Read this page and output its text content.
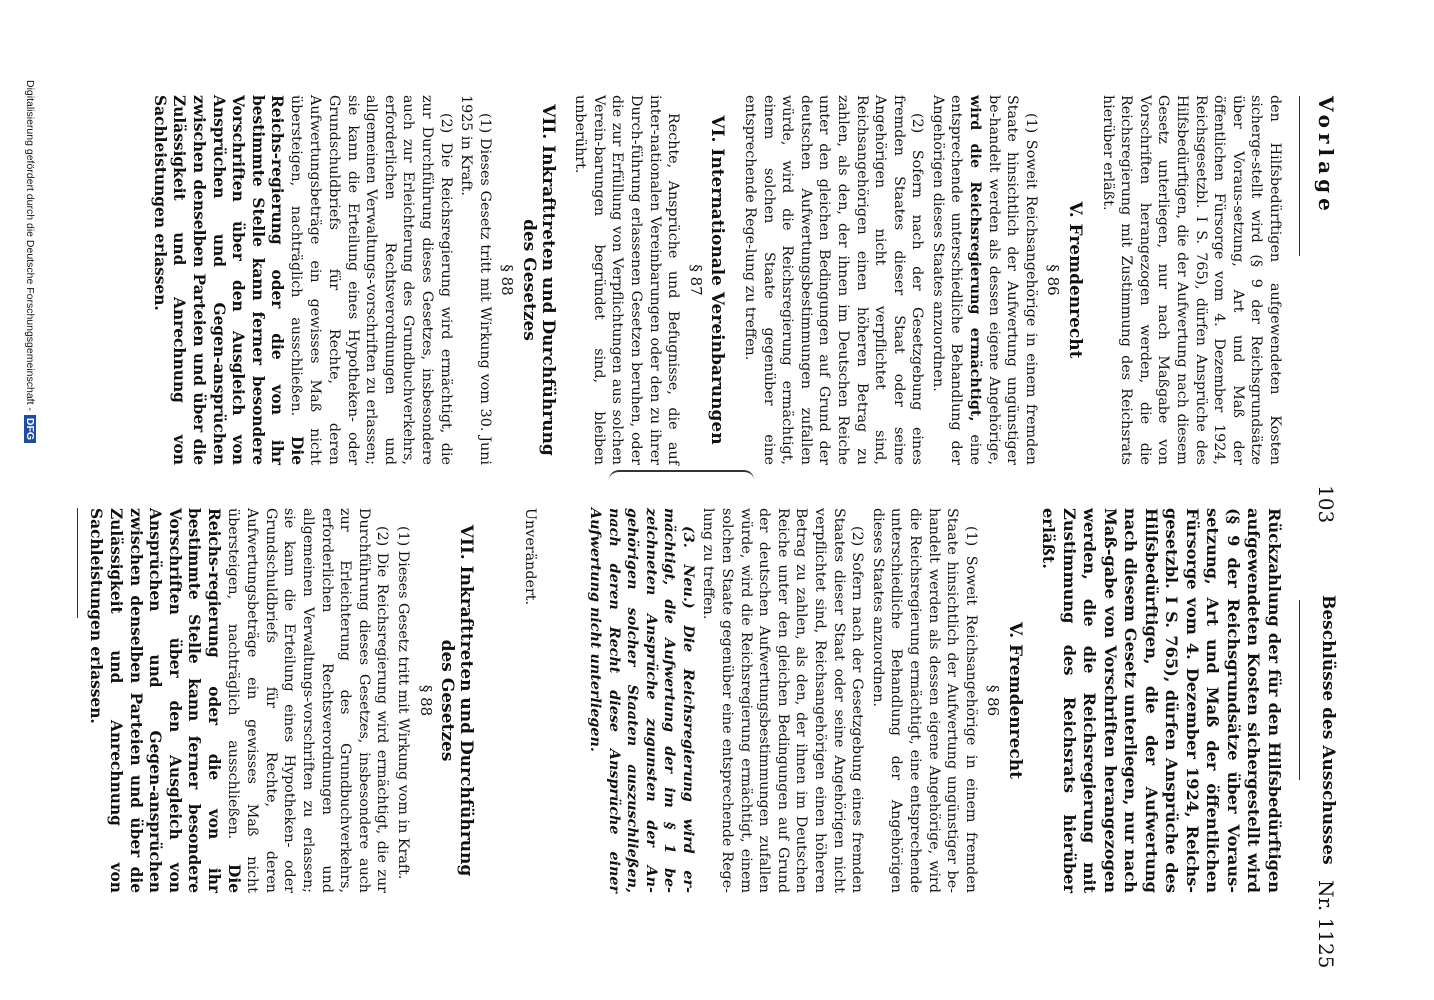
Vorlage
103
Beschlüsse des Ausschusses
Nr. 1125

den Hilfsbedürftigen aufgewendeten Kosten sicherge-stellt wird (§ 9 der Reichsgrundsätze über Voraus-setzung, Art und Maß der öffentlichen Fürsorge vom 4. Dezember 1924, Reichsgesetzbl. I S. 765), dürfen Ansprüche des Hilfsbedürftigen, die der Aufwertung nach diesem Gesetz unterliegen, nur nach Maßgabe von Vorschriften herangezogen werden, die die Reichsregierung mit Zustimmung des Reichsrats hierüber erläßt.

V. Fremdenrecht

§ 86

(1) Soweit Reichsangehörige in einem fremden Staate hinsichtlich der Aufwertung ungünstiger be-handelt werden als dessen eigene Angehörige, wird die Reichsregierung ermächtigt, eine entsprechende unterschiedliche Behandlung der Angehörigen dieses Staates anzuordnen.

(2) Sofern nach der Gesetzgebung eines fremden Staates dieser Staat oder seine Angehörigen nicht verpflichtet sind, Reichsangehörigen einen höheren Betrag zu zahlen, als den, der ihnen im Deutschen Reiche unter den gleichen Bedingungen auf Grund der deutschen Aufwertungsbestimmungen zufallen würde, wird die Reichsregierung ermächtigt, einem solchen Staate gegenüber eine entsprechende Rege-lung zu treffen.

VI. Internationale Vereinbarungen

§ 87

Rechte, Ansprüche und Befugnisse, die auf inter-nationalen Vereinbarungen oder den zu ihrer Durch-führung erlassenen Gesetzen beruhen, oder die zur Erfüllung von Verpflichtungen aus solchen Verein-barungen begründet sind, bleiben unberührt.

VII. Inkrafttreten und Durchführung des Gesetzes

§ 88

(1) Dieses Gesetz tritt mit Wirkung vom 30. Juni 1925 in Kraft.

(2) Die Reichsregierung wird ermächtigt, die zur Durchführung dieses Gesetzes, insbesondere auch zur Erleichterung des Grundbuchverkehrs, erforderlichen Rechtsverordnungen und allgemeinen Verwaltungs-vorschriften zu erlassen; sie kann die Erteilung eines Hypotheken- oder Grundschuldbriefs für Rechte, deren Aufwertungsbeträge ein gewisses Maß nicht übersteigen, nachträglich ausschließen. Die Reichs-regierung oder die von ihr bestimmte Stelle kann ferner besondere Vorschriften über den Ausgleich von Ansprüchen und Gegen-ansprüchen zwischen denselben Parteien und über die Zulässigkeit und Anrechnung von Sachleistungen erlassen.

Rückzahlung der für den Hilfsbedürftigen aufgewendeten Kosten sichergestellt wird (§ 9 der Reichsgrundsätze über Voraus-setzung, Art und Maß der öffentlichen Fürsorge vom 4. Dezember 1924, Reichs-gesetzbl. I S. 765), dürfen Ansprüche des Hilfsbedürftigen, die der Aufwertung nach diesem Gesetz unterliegen, nur nach Maß-gabe von Vorschriften herangezogen werden, die die Reichsregierung mit Zustimmung des Reichsrats hierüber erläßt.

V. Fremdenrecht

§ 86

(1) Soweit Reichsangehörige in einem fremden Staate hinsichtlich der Aufwertung ungünstiger be-handelt werden als dessen eigene Angehörige, wird die Reichsregierung ermächtigt, eine entsprechende unterschiedliche Behandlung der Angehörigen dieses Staates anzuordnen.

(2) Sofern nach der Gesetzgebung eines fremden Staates dieser Staat oder seine Angehörigen nicht verpflichtet sind, Reichsangehörigen einen höheren Betrag zu zahlen, als den, der ihnen im Deutschen Reiche unter den gleichen Bedingungen auf Grund der deutschen Aufwertungsbestimmungen zufallen würde, wird die Reichsregierung ermächtigt, einem solchen Staate gegenüber eine entsprechende Rege-lung zu treffen.

(3. Neu.) Die Reichsregierung wird er-mächtigt, die Aufwertung der im § 1 be-zeichneten Ansprüche zugunsten der An-gehörigen solcher Staaten auszuschließen, nach deren Recht diese Ansprüche einer Aufwertung nicht unterliegen.

Unverändert.

VII. Inkrafttreten und Durchführung des Gesetzes

§ 88

(1) Dieses Gesetz tritt mit Wirkung vom in Kraft.

(2) Die Reichsregierung wird ermächtigt, die zur Durchführung dieses Gesetzes, insbesondere auch zur Erleichterung des Grundbuchverkehrs, erforderlichen Rechtsverordnungen und allgemeinen Verwaltungs-vorschriften zu erlassen; sie kann die Erteilung eines Hypotheken- oder Grundschuldbriefs für Rechte, deren Aufwertungsbeträge ein gewisses Maß nicht übersteigen, nachträglich ausschließen. Die Reichs-regierung oder die von ihr bestimmte Stelle kann ferner besondere Vorschriften über den Ausgleich von Ansprüchen und Gegen-ansprüchen zwischen denselben Parteien und über die Zulässigkeit und Anrechnung von Sachleistungen erlassen.

Digitalisierung gefördert durch die Deutsche Forschungsgemeinschaft -DFG
